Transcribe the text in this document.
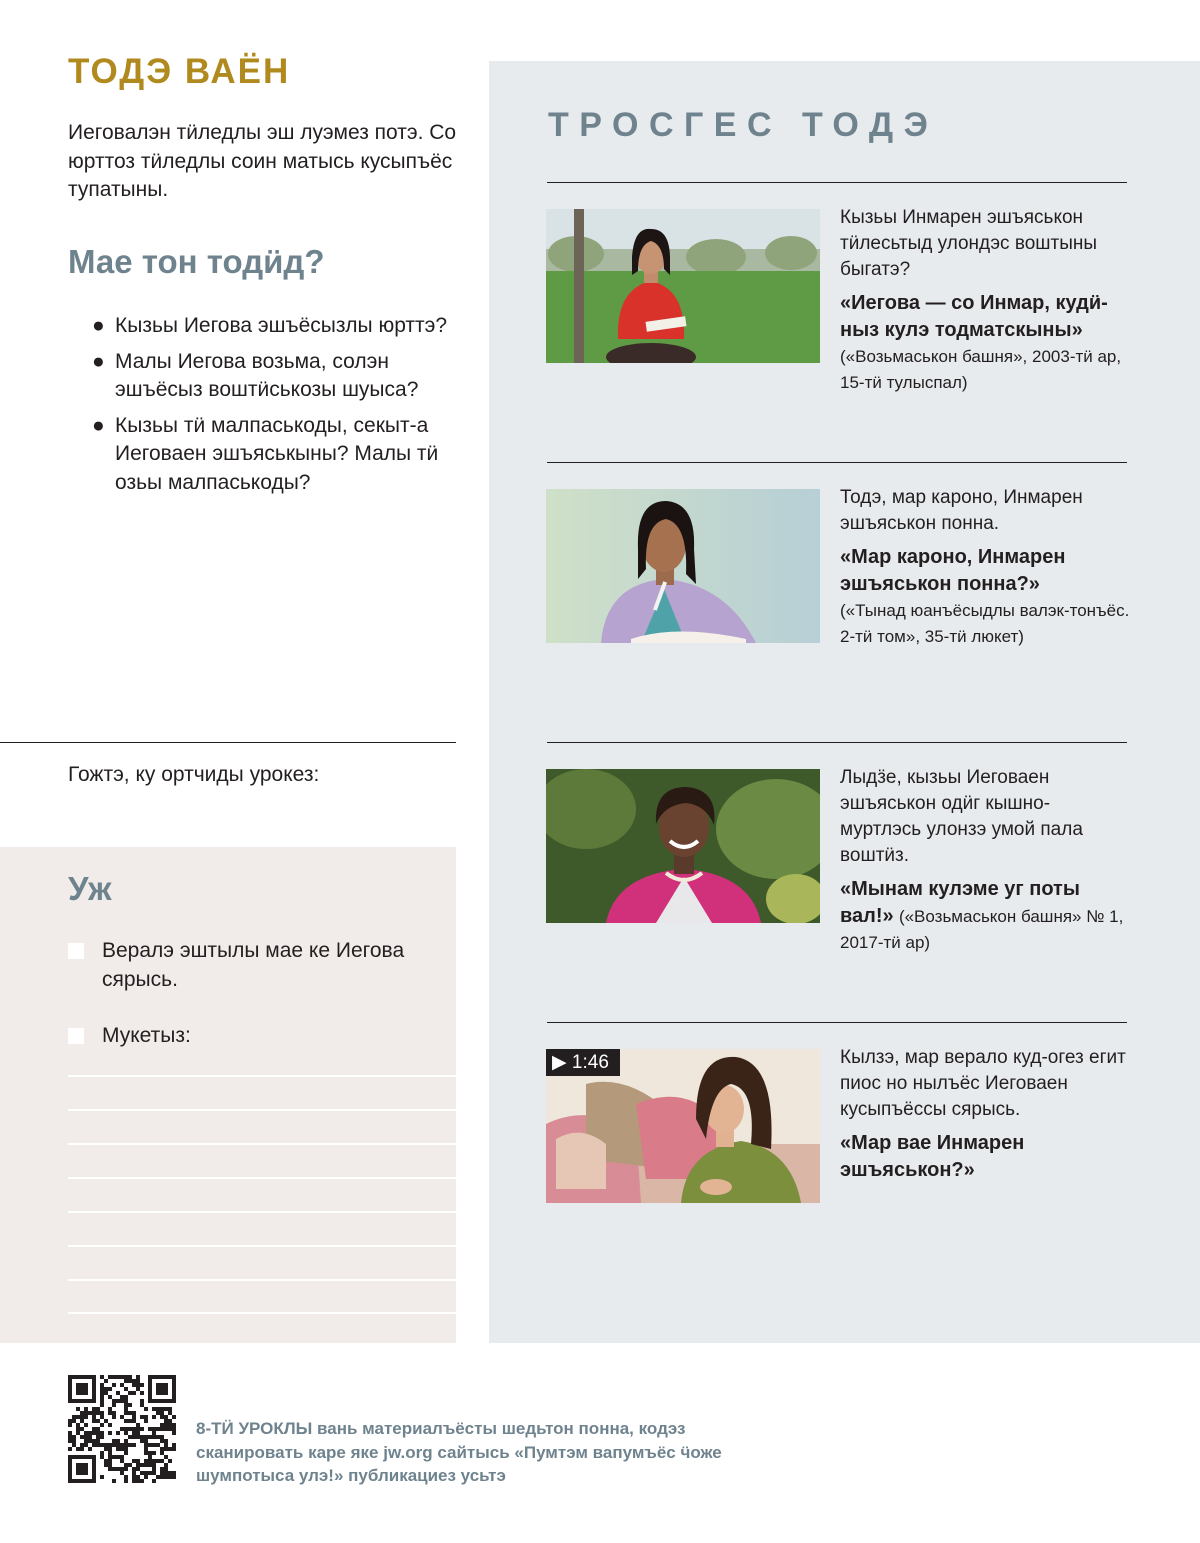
ТОДЭ ВАЁН

Иеговалэн тӥледлы эш луэмез потэ. Со юрттоз тӥледлы соин матысь кусыпъёс тупатыны.

Мае тон тодӥд?
● Кызьы Иегова эшъёсызлы юрттэ?
● Малы Иегова возьма, солэн эшъёсыз воштӥськозы шуыса?
● Кызьы тӥ малпаськоды, секыт-а Иеговаен эшъяськыны? Малы тӥ озьы малпаськоды?
Гожтэ, ку ортчиды урокез:
Уж
Вералэ эштылы мае ке Иегова сярысь.
Мукетыз:
ТРОСГЕС ТОДЭ

Кызьы Инмарен эшъяськон тӥлесьтыд улондэс воштыны быгатэ?

«Иегова — со Инмар, кудӥ-ныз кулэ тодматскыны»
(«Возьмаськон башня», 2003-тӥ ар, 15-тӥ тулыспал)

Тодэ, мар кароно, Инмарен эшъяськон понна.

«Мар кароно, Инмарен эшъяськон понна?»
(«Тынад юанъёсыдлы валэк-тонъёс. 2-тӥ том», 35-тӥ люкет)

Лыдӟе, кызьы Иеговаен эшъяськон одӥг кышно-муртлэсь улонзэ умой пала воштӥз.

«Мынам кулэме уг поты вал!» («Возьмаськон башня» № 1, 2017-тӥ ар)
▶ 1:46	Кылзэ, мар верало куд-огез егит пиос но нылъёс Иеговаен кусыпъёссы сярысь.

«Мар вае Инмарен эшъяськон?»
8-ТӤ УРОКЛЫ вань материалъёсты шедьтон понна, кодэз сканировать каре яке jw.org сайтысь «Пумтэм вапумъёс ӵоже шумпотыса улэ!» публикациез усьтэ
